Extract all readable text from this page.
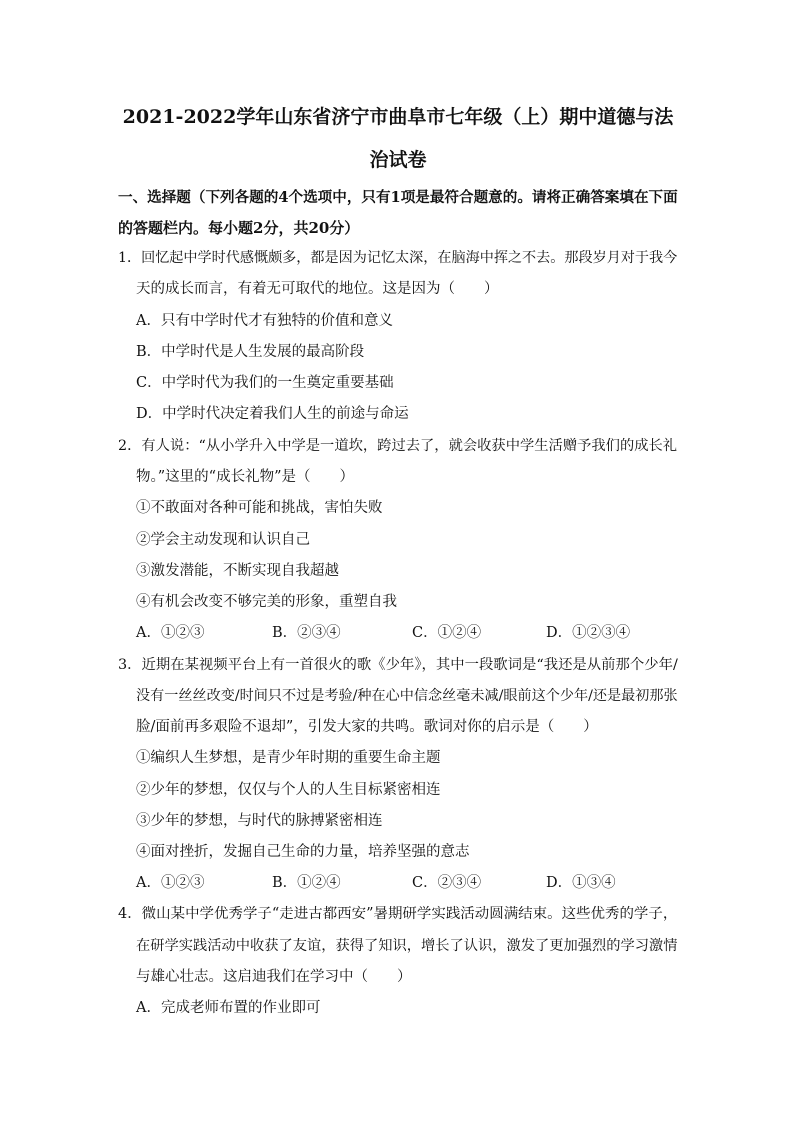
2021-2022学年山东省济宁市曲阜市七年级（上）期中道德与法
治试卷
一、选择题（下列各题的4个选项中，只有1项是最符合题意的。请将正确答案填在下面
的答题栏内。每小题2分，共20分）
1．回忆起中学时代感慨颇多，都是因为记忆太深，在脑海中挥之不去。那段岁月对于我今
天的成长而言，有着无可取代的地位。这是因为（　　）
A．只有中学时代才有独特的价值和意义
B．中学时代是人生发展的最高阶段
C．中学时代为我们的一生奠定重要基础
D．中学时代决定着我们人生的前途与命运
2．有人说：“从小学升入中学是一道坎，跨过去了，就会收获中学生活赠予我们的成长礼
物。”这里的“成长礼物”是（　　）
①不敢面对各种可能和挑战，害怕失败
②学会主动发现和认识自己
③激发潜能，不断实现自我超越
④有机会改变不够完美的形象，重塑自我
A．①②③	B．②③④	C．①②④	D．①②③④
3．近期在某视频平台上有一首很火的歌《少年》，其中一段歌词是“我还是从前那个少年/
没有一丝丝改变/时间只不过是考验/种在心中信念丝毫未减/眼前这个少年/还是最初那张
脸/面前再多艰险不退却”，引发大家的共鸣。歌词对你的启示是（　　）
①编织人生梦想，是青少年时期的重要生命主题
②少年的梦想，仅仅与个人的人生目标紧密相连
③少年的梦想，与时代的脉搏紧密相连
④面对挫折，发掘自己生命的力量，培养坚强的意志
A．①②③	B．①②④	C．②③④	D．①③④
4．微山某中学优秀学子“走进古都西安”暑期研学实践活动圆满结束。这些优秀的学子，
在研学实践活动中收获了友谊，获得了知识，增长了认识，激发了更加强烈的学习激情
与雄心壮志。这启迪我们在学习中（　　）
A．完成老师布置的作业即可
